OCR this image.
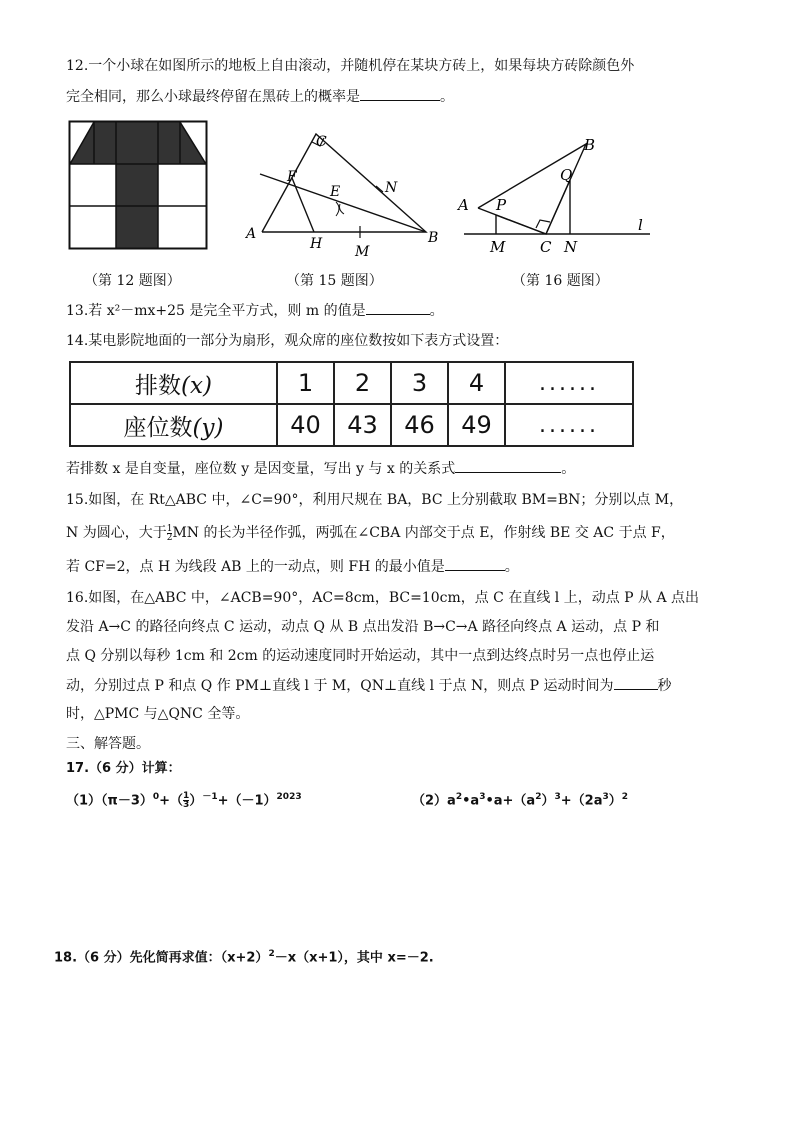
12.一个小球在如图所示的地板上自由滚动，并随机停在某块方砖上，如果每块方砖除颜色外
完全相同，那么小球最终停留在黑砖上的概率是	。
C
F
E	N
A
H M
B
B
Q
A P
M C N
l
（第 12 题图）	（第 15 题图）	（第 16 题图）
13.若 x²－mx+25 是完全平方式，则 m 的值是	。
14.某电影院地面的一部分为扇形，观众席的座位数按如下表方式设置：
排数(x)	1	2	3	4	......
座位数(y)	40	43	46	49	......
若排数 x 是自变量，座位数 y 是因变量，写出 y 与 x 的关系式	。
15.如图，在 Rt△ABC 中，∠C=90°，利用尺规在 BA，BC 上分别截取 BM=BN；分别以点 M，
N 为圆心，大于 $\frac{1}{2}$ MN 的长为半径作弧，两弧在∠CBA 内部交于点 E，作射线 BE 交 AC 于点 F，
若 CF=2，点 H 为线段 AB 上的一动点，则 FH 的最小值是	。
16.如图，在△ABC 中，∠ACB=90°，AC=8cm，BC=10cm，点 C 在直线 l 上，动点 P 从 A 点出
发沿 A→C 的路径向终点 C 运动，动点 Q 从 B 点出发沿 B→C→A 路径向终点 A 运动，点 P 和
点 Q 分别以每秒 1cm 和 2cm 的运动速度同时开始运动，其中一点到达终点时另一点也停止运
动，分别过点 P 和点 Q 作 PM⊥直线 l 于 M，QN⊥直线 l 于点 N，则点 P 运动时间为	秒
时，△PMC 与△QNC 全等。
三、解答题。
17.（6 分）计算：
$(1)(\pi-3)^0+( \frac{1}{3} )^{-1}+(-1)^{2023}$	$(2)a^2•a^3•a+(a^2)^3+(2a^3)^2$
18.（6 分）先化简再求值：$(x+2)^2-x(x+1)$，其中 x=－2.
